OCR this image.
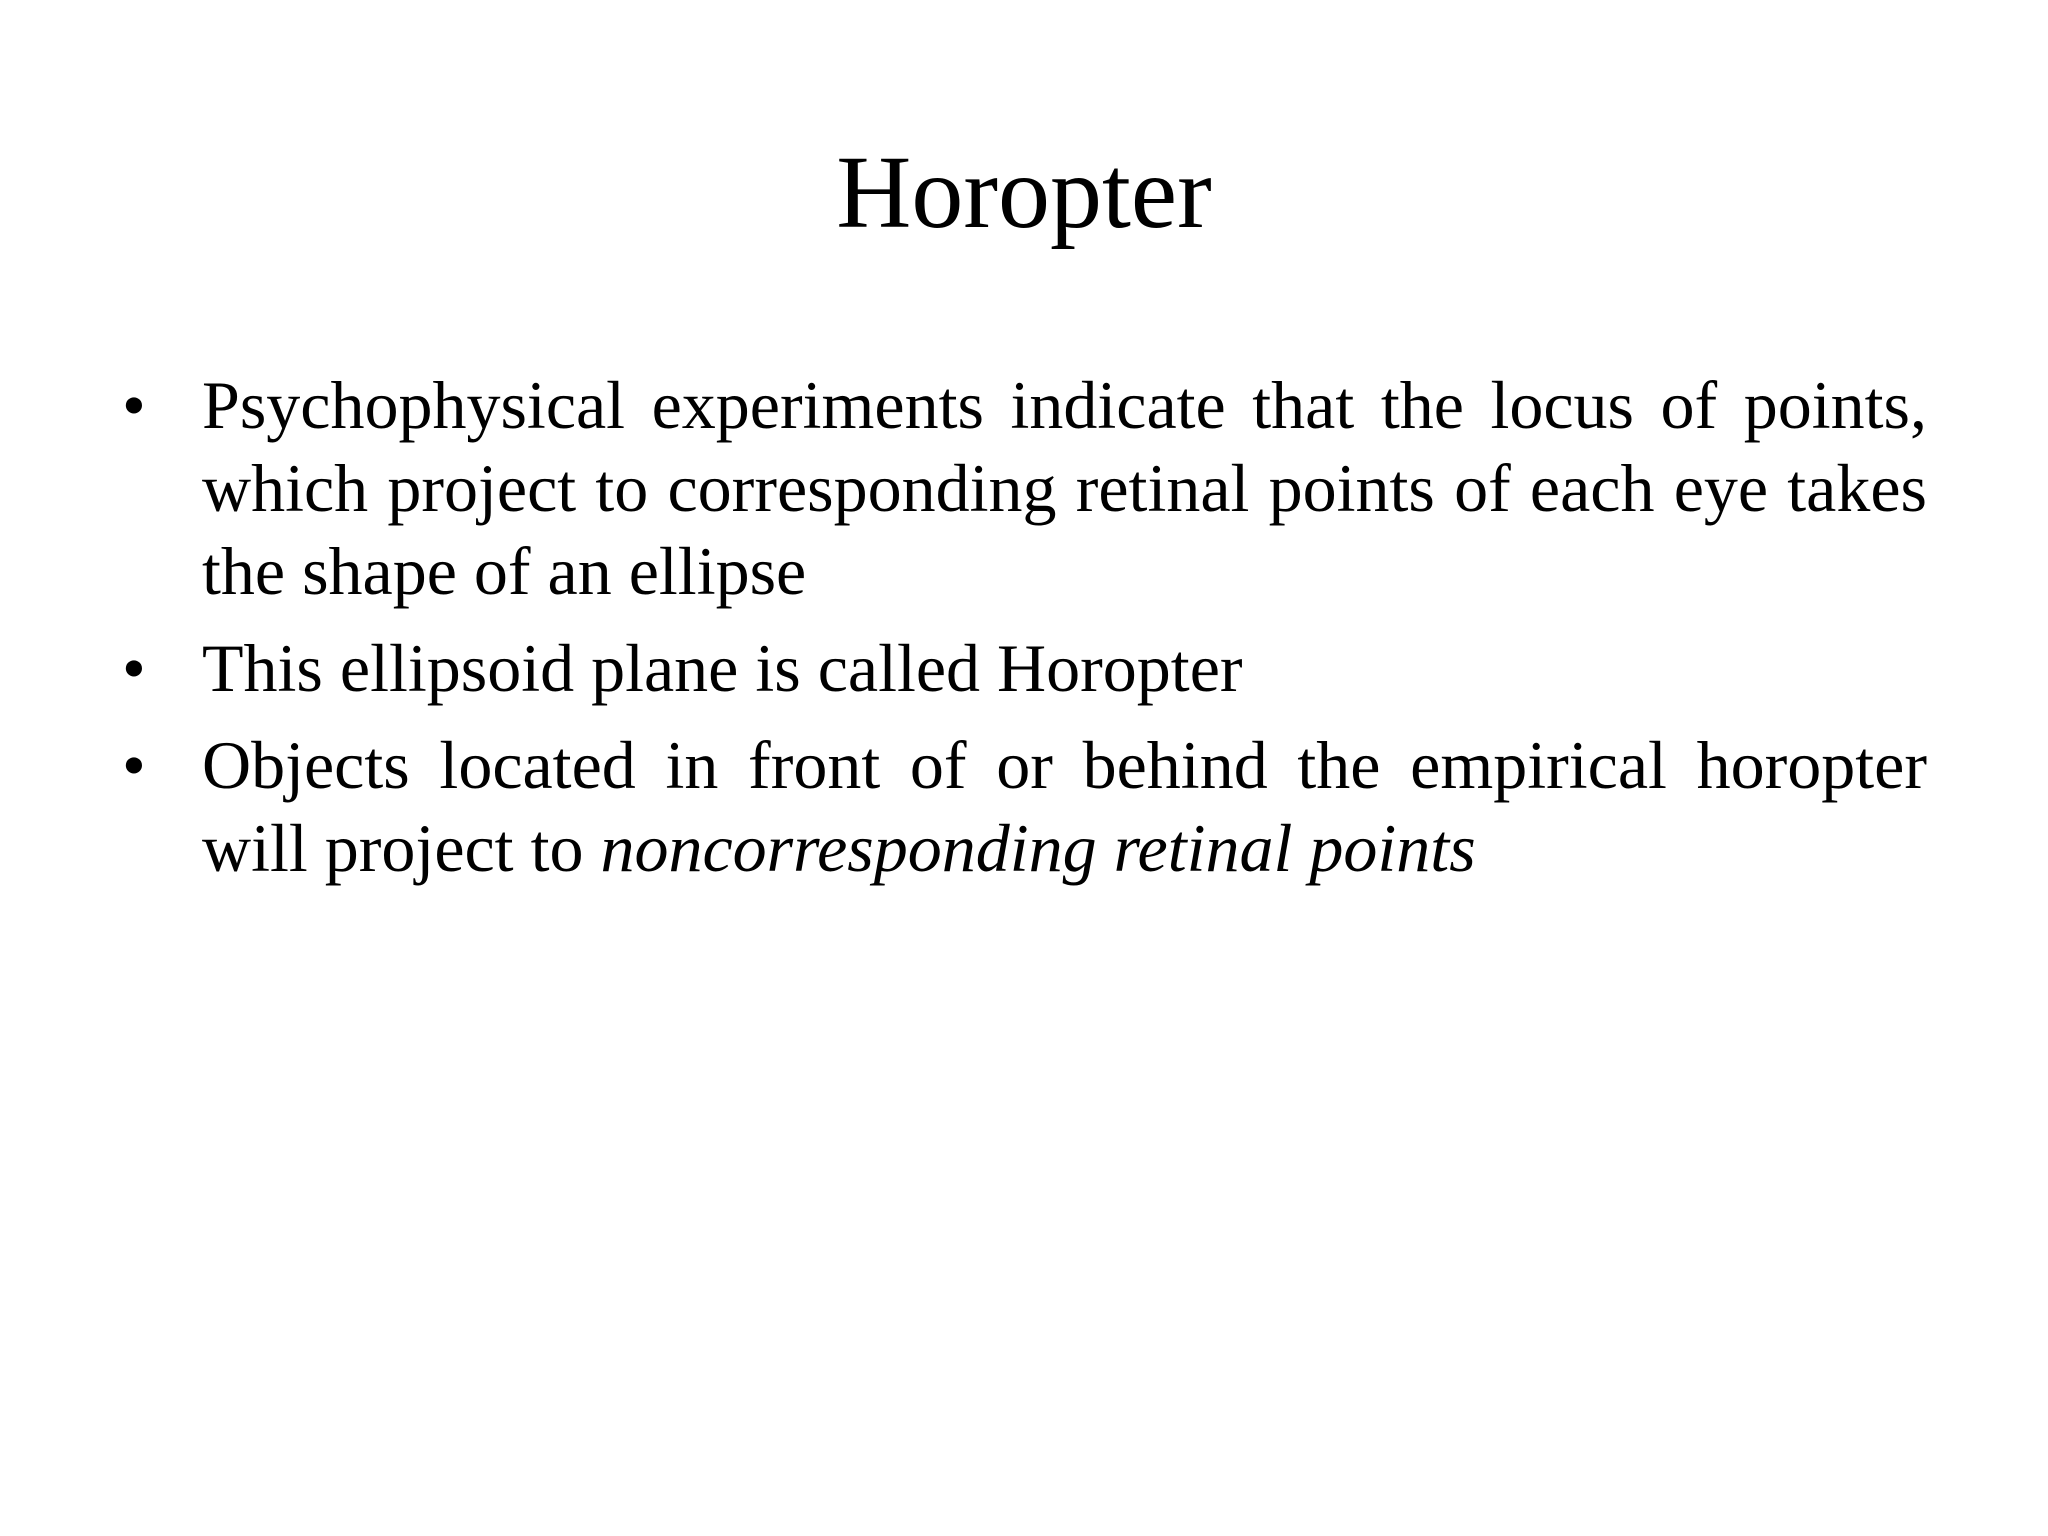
Horopter
• Psychophysical experiments indicate that the locus of points, which project to corresponding retinal points of each eye takes the shape of an ellipse
• This ellipsoid plane is called Horopter
• Objects located in front of or behind the empirical horopter will project to noncorresponding retinal points
